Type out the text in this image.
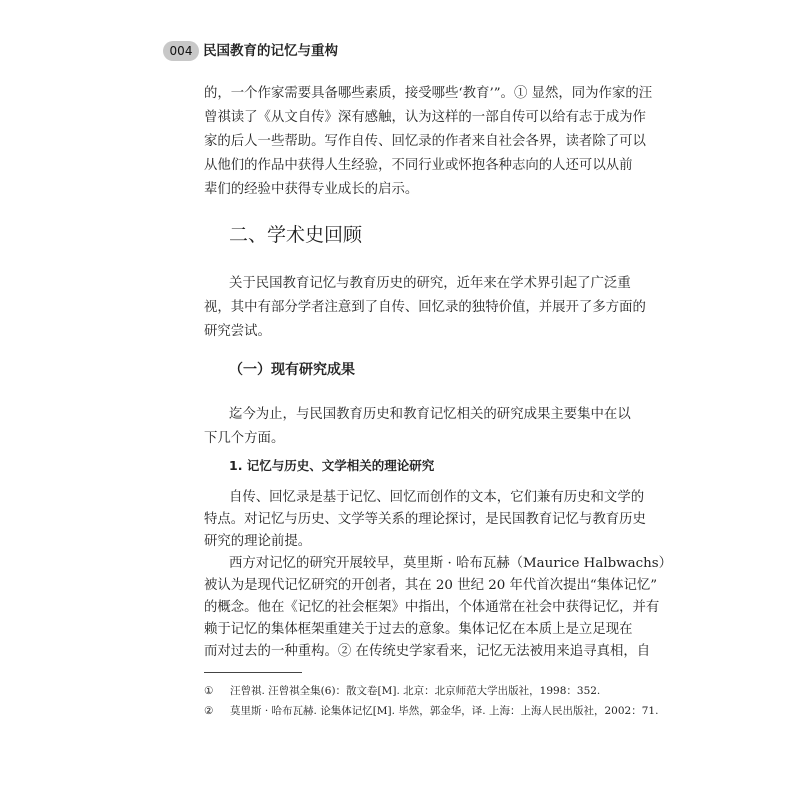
004 民国教育的记忆与重构
的，一个作家需要具备哪些素质，接受哪些‘教育’”。① 显然，同为作家的汪
曾祺读了《从文自传》深有感触，认为这样的一部自传可以给有志于成为作
家的后人一些帮助。写作自传、回忆录的作者来自社会各界，读者除了可以
从他们的作品中获得人生经验，不同行业或怀抱各种志向的人还可以从前
辈们的经验中获得专业成长的启示。
二、学术史回顾
关于民国教育记忆与教育历史的研究，近年来在学术界引起了广泛重
视，其中有部分学者注意到了自传、回忆录的独特价值，并展开了多方面的
研究尝试。
（一）现有研究成果
迄今为止，与民国教育历史和教育记忆相关的研究成果主要集中在以
下几个方面。
1. 记忆与历史、文学相关的理论研究
自传、回忆录是基于记忆、回忆而创作的文本，它们兼有历史和文学的
特点。对记忆与历史、文学等关系的理论探讨，是民国教育记忆与教育历史
研究的理论前提。
西方对记忆的研究开展较早，莫里斯 · 哈布瓦赫（Maurice Halbwachs）
被认为是现代记忆研究的开创者，其在 20 世纪 20 年代首次提出“集体记忆”
的概念。他在《记忆的社会框架》中指出，个体通常在社会中获得记忆，并有
赖于记忆的集体框架重建关于过去的意象。集体记忆在本质上是立足现在
而对过去的一种重构。② 在传统史学家看来，记忆无法被用来追寻真相，自
① 汪曾祺. 汪曾祺全集(6)：散文卷[M]. 北京：北京师范大学出版社，1998：352.
② 莫里斯 · 哈布瓦赫. 论集体记忆[M]. 毕然，郭金华，译. 上海：上海人民出版社，2002：71.
